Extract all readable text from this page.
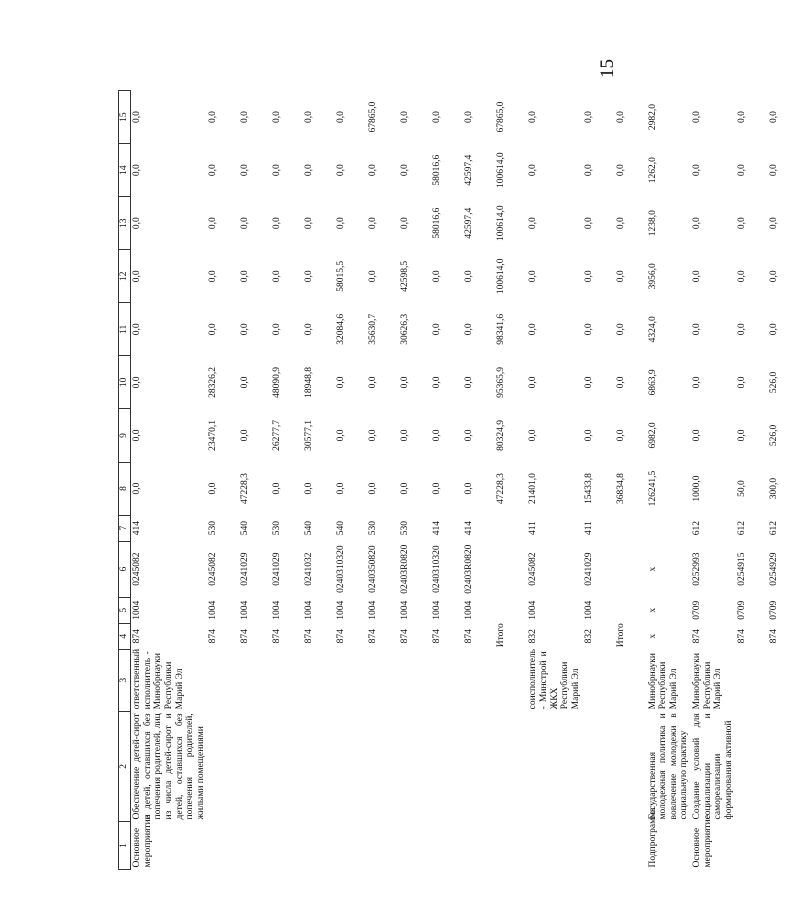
15
1	2	3	4	5	6	7	8	9	10	11	12	13	14	15
Основное мероприятие	Обеспечение детей-сирот и детей, оставшихся без попечения родителей, лиц из числа детей-сирот и детей, оставшихся без попечения родителей, жилыми помещениями	ответственный исполнитель - Минобрнауки Республики Марий Эл	874	1004	0245082	414	0,0	0,0	0,0	0,0	0,0	0,0	0,0	0,0
			874	1004	0245082	530	0,0	23470,1	28326,2	0,0	0,0	0,0	0,0	0,0
			874	1004	0241029	540	47228,3	0,0	0,0	0,0	0,0	0,0	0,0	0,0
			874	1004	0241029	530	0,0	26277,7	48090,9	0,0	0,0	0,0	0,0	0,0
			874	1004	0241032	540	0,0	30577,1	18948,8	0,0	0,0	0,0	0,0	0,0
			874	1004	0240310320	540	0,0	0,0	0,0	32084,6	58015,5	0,0	0,0	0,0
			874	1004	0240350820	530	0,0	0,0	0,0	35630,7	0,0	0,0	0,0	67865,0
			874	1004	02403R0820	530	0,0	0,0	0,0	30626,3	42598,5	0,0	0,0	0,0
			874	1004	0240310320	414	0,0	0,0	0,0	0,0	0,0	58016,6	58016,6	0,0
			874	1004	02403R0820	414	0,0	0,0	0,0	0,0	0,0	42597,4	42597,4	0,0
			Итого				47228,3	80324,9	95365,9	98341,6	100614,0	100614,0	100614,0	67865,0
		соисполнитель - Минстрой и ЖКХ Республики Марий Эл	832	1004	0245082	411	21401,0	0,0	0,0	0,0	0,0	0,0	0,0	0,0
			832	1004	0241029	411	15433,8	0,0	0,0	0,0	0,0	0,0	0,0	0,0
			Итого				36834,8	0,0	0,0	0,0	0,0	0,0	0,0	0,0
Подпрограмма	Государственная молодежная политика и вовлечение молодежи в социальную практику	Минобрнауки Республики Марий Эл	х	х	х		126241,5	6982,0	6863,9	4324,0	3956,0	1238,0	1262,0	2982,0
Основное мероприятие	Создание условий для социализации и самореализации формирования активной	Минобрнауки Республики Марий Эл	874	0709	0252993	612	1000,0	0,0	0,0	0,0	0,0	0,0	0,0	0,0
			874	0709	0254915	612	50,0	0,0	0,0	0,0	0,0	0,0	0,0	0,0
			874	0709	0254929	612	300,0	526,0	526,0	0,0	0,0	0,0	0,0	0,0
